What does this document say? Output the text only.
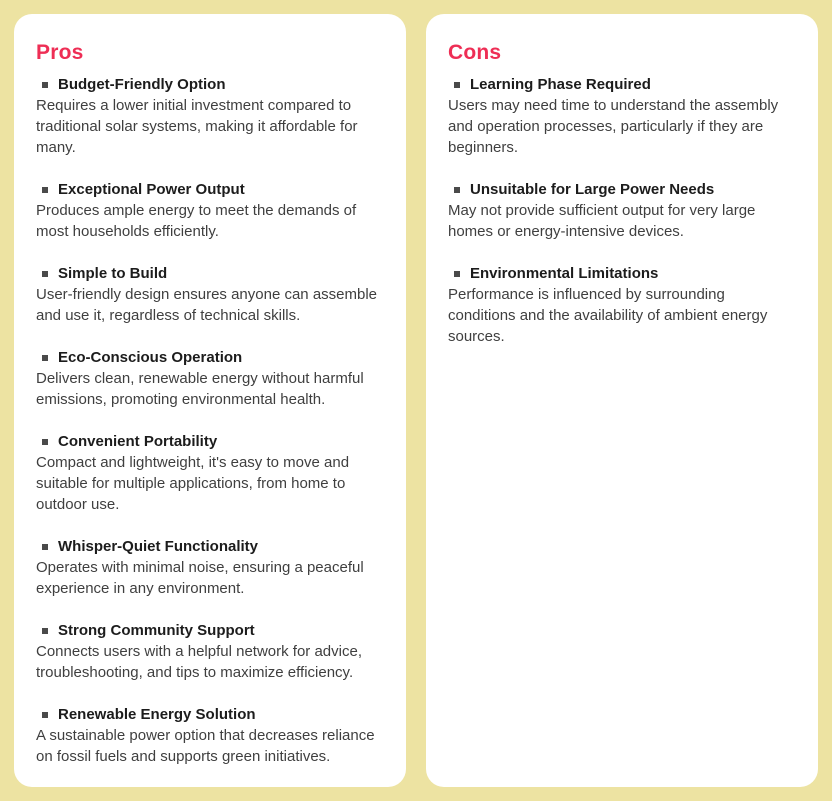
Pros
Budget-Friendly Option

Requires a lower initial investment compared to traditional solar systems, making it affordable for many.

Exceptional Power Output

Produces ample energy to meet the demands of most households efficiently.

Simple to Build

User-friendly design ensures anyone can assemble and use it, regardless of technical skills.

Eco-Conscious Operation

Delivers clean, renewable energy without harmful emissions, promoting environmental health.

Convenient Portability

Compact and lightweight, it's easy to move and suitable for multiple applications, from home to outdoor use.

Whisper-Quiet Functionality

Operates with minimal noise, ensuring a peaceful experience in any environment.

Strong Community Support

Connects users with a helpful network for advice, troubleshooting, and tips to maximize efficiency.

Renewable Energy Solution

A sustainable power option that decreases reliance on fossil fuels and supports green initiatives.

Cons
Learning Phase Required

Users may need time to understand the assembly and operation processes, particularly if they are beginners.

Unsuitable for Large Power Needs

May not provide sufficient output for very large homes or energy-intensive devices.

Environmental Limitations

Performance is influenced by surrounding conditions and the availability of ambient energy sources.
